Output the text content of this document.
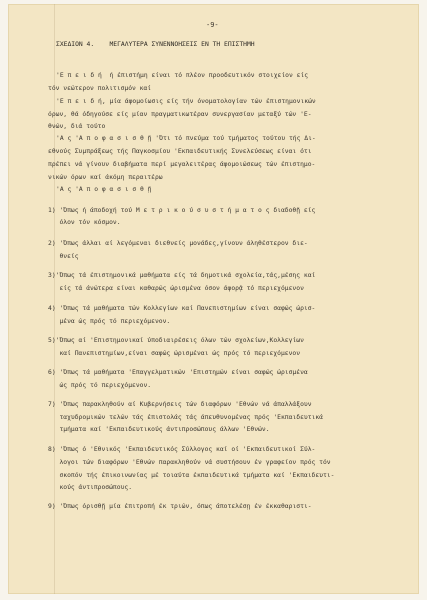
-9-
ΣΧΕΔΙΟΝ 4.    ΜΕΓΑΛΥΤΕΡΑ ΣΥΝΕΝΝΟΗΣΕΙΣ ΕΝ ΤΗ ΕΠΙΣΤΗΜΗ
'Ε π ε ι δ ή  ή έπιστήμη είναι τό πλέον προοδευτικόν στοιχείον είς
τόν νεώτερον πολιτισμόν καί
'Ε π ε ι δ ή, μία άφομοίωσις είς τήν όνοματολογίαν τών έπιστημονικών
όρων, θά όδηγούσε είς μίαν πραγματικωτέραν συνεργασίαν μεταξύ τών 'Ε-
θνών, διά τούτο
'Α ς 'Α π ο φ α σ ι σ θ ῇ 'Ότι τό πνεύμα τού τμήματος τούτου τής Δι-
εθνούς Συμπράξεως τής Παγκοσμίου 'Εκπαιδευτικής Συνελεύσεως είναι ότι
πρέπει νά γίνουν διαβήματα περί μεγαλειτέρας άφομοιώσεως τών έπιστημο-
νικών όρων καί άκόμη περαιτέρω
'Α ς 'Α π ο φ α σ ι σ θ ῇ
1) 'Όπως ή άποδοχή τού Μ ε τ ρ ι κ ο ύ σ υ σ τ ή μ α τ ο ς διαδοθῇ είς
όλον τόν κόσμον.
2) 'Όπως άλλαι αί λεγόμεναι διεθνείς μονάδες,γίνουν άληθέστερον διε-
θνείς
3)'Όπως τά έπιστημονικά μαθήματα είς τά δημοτικά σχολεία,τάς,μέσης καί
είς τά άνώτερα είναι καθαρώς ώρισμένα όσον άφορᾷ τό περιεχόμενον
4) 'Όπως τά μαθήματα τών Κολλεγίων καί Πανεπιστημίων είναι σαφώς ώρισ-
μένα ώς πρός τό περιεχόμενον.
5)'Όπως αί 'Επιστημονικαί ύποδιαιρέσεις όλων τών σχολείων,Κολλεγίων
καί Πανεπιστημίων,είναι σαφώς ώρισμέναι ώς πρός τό περιεχόμενον
6) 'Όπως τά μαθήματα 'Επαγγελματικών 'Επιστημών είναι σαφώς ώρισμένα
ώς πρός τό περιεχόμενον.
7) 'Όπως παρακληθούν αί Κυβερνήσεις τών διαφόρων 'Εθνών νά άπαλλάξουν
ταχυδρομικών τελών τάς έπιστολάς τάς άπευθυνομένας πρός 'Εκπαιδευτικά
τμήματα καί 'Εκπαιδευτικούς άντιπροσώπους άλλων 'Εθνών.
8) 'Όπως ό 'Εθνικός 'Εκπαιδευτικός Σύλλογος καί οί 'Εκπαιδευτικοί Σύλ-
λογοι τών διαφόρων 'Εθνών παρακληθούν νά συστήσουν έν γραφείον πρός τόν
σκοπόν τής έπικοινωνίας μέ τοιαύτα έκπαιδευτικά τμήματα καί 'Εκπαιδευτι-
κούς άντιπροσώπους.
9) 'Όπως όρισθῇ μία έπιτροπή έκ τριών, όπως άποτελέσῃ έν έκκαθαριστι-
